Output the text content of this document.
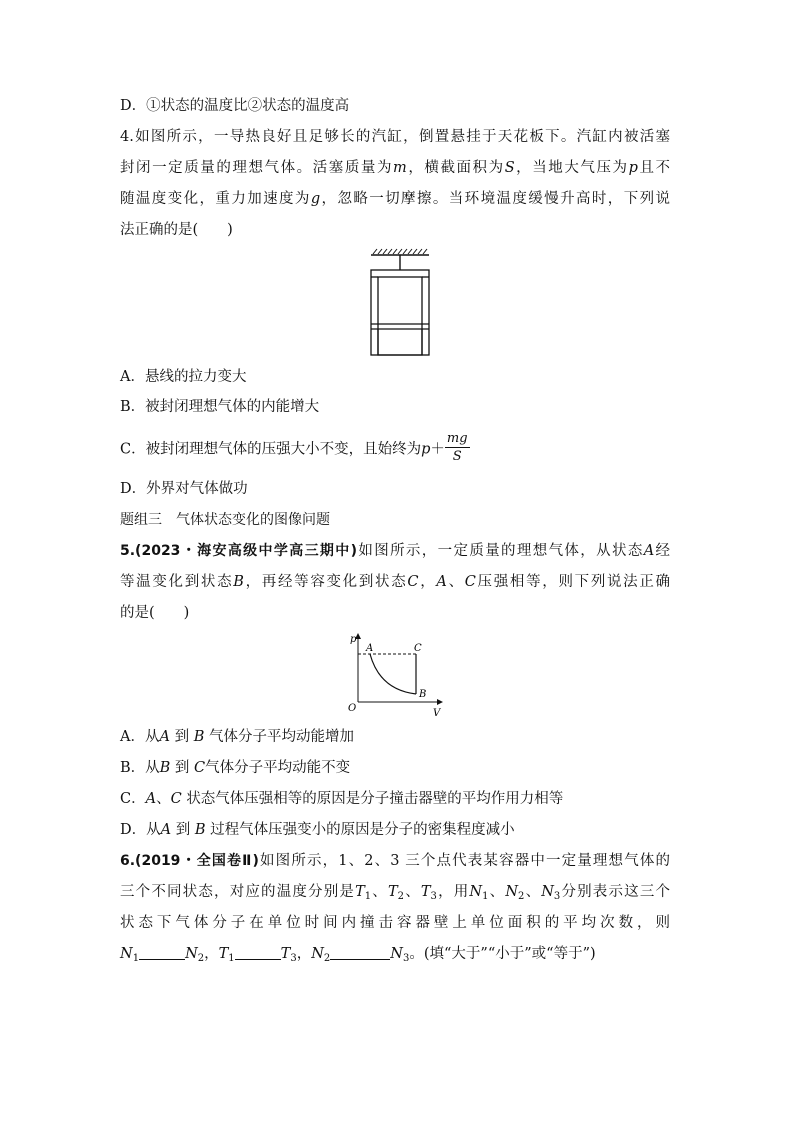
D．①状态的温度比②状态的温度高
4.如图所示，一导热良好且足够长的汽缸，倒置悬挂于天花板下。汽缸内被活塞
封闭一定质量的理想气体。活塞质量为m，横截面积为S，当地大气压为p且不
随温度变化，重力加速度为g，忽略一切摩擦。当环境温度缓慢升高时，下列说
法正确的是(　　)
A．悬线的拉力变大
B．被封闭理想气体的内能增大
C．被封闭理想气体的压强大小不变，且始终为$p+ \frac{mg}{S}$
D．外界对气体做功
题组三　气体状态变化的图像问题
5.(2023・海安高级中学高三期中)如图所示，一定质量的理想气体，从状态A经
等温变化到状态B，再经等容变化到状态C，A、C压强相等，则下列说法正确
的是(　　)
p
V
O
A	C
B
A．从A 到 B 气体分子平均动能增加
B．从B 到 C气体分子平均动能不变
C．A、C 状态气体压强相等的原因是分子撞击器壁的平均作用力相等
D．从A 到 B 过程气体压强变小的原因是分子的密集程度减小
6.(2019・全国卷Ⅱ)如图所示，1、2、3 三个点代表某容器中一定量理想气体的
三个不同状态，对应的温度分别是$T_1$、$T_2$、$T_3$，用$N_1$、$N_2$、$N_3$分别表示这三个
状态下气体分子在单位时间内撞击容器壁上单位面积的平均次数，则
$N_1$	$N_2$，$T_1$	$T_3$，$N_2$	$N_3$。(填“大于”“小于”或“等于”)
